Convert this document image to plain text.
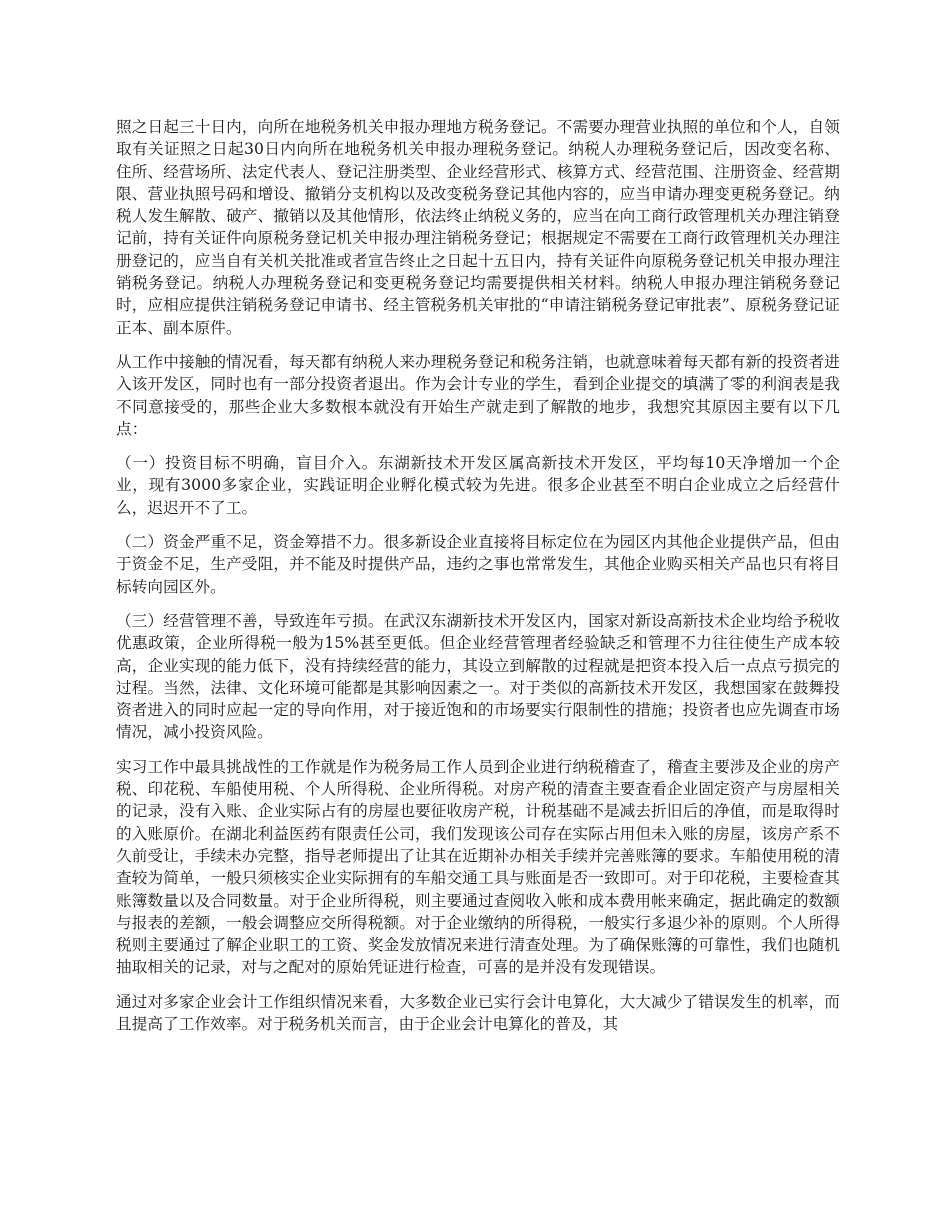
照之日起三十日内，向所在地税务机关申报办理地方税务登记。不需要办理营业执照的单位和个人，自领取有关证照之日起30日内向所在地税务机关申报办理税务登记。纳税人办理税务登记后，因改变名称、住所、经营场所、法定代表人、登记注册类型、企业经营形式、核算方式、经营范围、注册资金、经营期限、营业执照号码和增设、撤销分支机构以及改变税务登记其他内容的，应当申请办理变更税务登记。纳税人发生解散、破产、撤销以及其他情形，依法终止纳税义务的，应当在向工商行政管理机关办理注销登记前，持有关证件向原税务登记机关申报办理注销税务登记；根据规定不需要在工商行政管理机关办理注册登记的，应当自有关机关批准或者宣告终止之日起十五日内，持有关证件向原税务登记机关申报办理注销税务登记。纳税人办理税务登记和变更税务登记均需要提供相关材料。纳税人申报办理注销税务登记时，应相应提供注销税务登记申请书、经主管税务机关审批的“申请注销税务登记审批表”、原税务登记证正本、副本原件。

从工作中接触的情况看，每天都有纳税人来办理税务登记和税务注销，也就意味着每天都有新的投资者进入该开发区，同时也有一部分投资者退出。作为会计专业的学生，看到企业提交的填满了零的利润表是我不同意接受的，那些企业大多数根本就没有开始生产就走到了解散的地步，我想究其原因主要有以下几点：

（一）投资目标不明确，盲目介入。东湖新技术开发区属高新技术开发区，平均每10天净增加一个企业，现有3000多家企业，实践证明企业孵化模式较为先进。很多企业甚至不明白企业成立之后经营什么，迟迟开不了工。

（二）资金严重不足，资金筹措不力。很多新设企业直接将目标定位在为园区内其他企业提供产品，但由于资金不足，生产受阻，并不能及时提供产品，违约之事也常常发生，其他企业购买相关产品也只有将目标转向园区外。

（三）经营管理不善，导致连年亏损。在武汉东湖新技术开发区内，国家对新设高新技术企业均给予税收优惠政策，企业所得税一般为15%甚至更低。但企业经营管理者经验缺乏和管理不力往往使生产成本较高，企业实现的能力低下，没有持续经营的能力，其设立到解散的过程就是把资本投入后一点点亏损完的过程。当然，法律、文化环境可能都是其影响因素之一。对于类似的高新技术开发区，我想国家在鼓舞投资者进入的同时应起一定的导向作用，对于接近饱和的市场要实行限制性的措施；投资者也应先调查市场情况，减小投资风险。

实习工作中最具挑战性的工作就是作为税务局工作人员到企业进行纳税稽查了，稽查主要涉及企业的房产税、印花税、车船使用税、个人所得税、企业所得税。对房产税的清查主要查看企业固定资产与房屋相关的记录，没有入账、企业实际占有的房屋也要征收房产税，计税基础不是减去折旧后的净值，而是取得时的入账原价。在湖北利益医药有限责任公司，我们发现该公司存在实际占用但未入账的房屋，该房产系不久前受让，手续未办完整，指导老师提出了让其在近期补办相关手续并完善账簿的要求。车船使用税的清查较为简单，一般只须核实企业实际拥有的车船交通工具与账面是否一致即可。对于印花税，主要检查其账簿数量以及合同数量。对于企业所得税，则主要通过查阅收入帐和成本费用帐来确定，据此确定的数额与报表的差额，一般会调整应交所得税额。对于企业缴纳的所得税，一般实行多退少补的原则。个人所得税则主要通过了解企业职工的工资、奖金发放情况来进行清查处理。为了确保账簿的可靠性，我们也随机抽取相关的记录，对与之配对的原始凭证进行检查，可喜的是并没有发现错误。

通过对多家企业会计工作组织情况来看，大多数企业已实行会计电算化，大大减少了错误发生的机率，而且提高了工作效率。对于税务机关而言，由于企业会计电算化的普及，其
